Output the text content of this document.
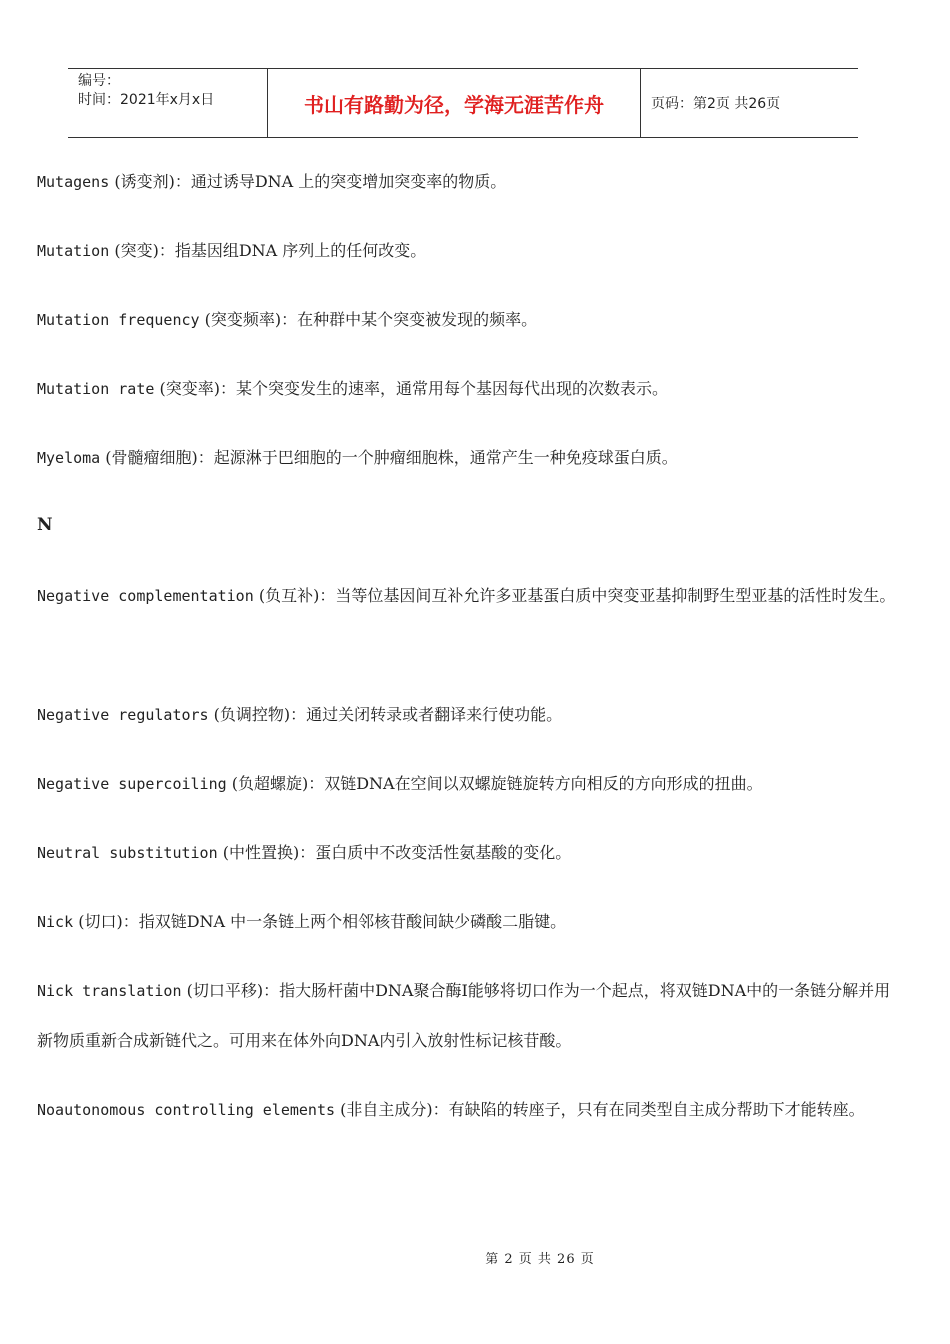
编号：
时间：2021年x月x日	书山有路勤为径，学海无涯苦作舟	页码：第2页 共26页
Mutagens (诱变剂)：通过诱导DNA 上的突变增加突变率的物质。
Mutation (突变)：指基因组DNA 序列上的任何改变。
Mutation frequency (突变频率)：在种群中某个突变被发现的频率。
Mutation rate (突变率)：某个突变发生的速率，通常用每个基因每代出现的次数表示。
Myeloma (骨髓瘤细胞)：起源淋于巴细胞的一个肿瘤细胞株，通常产生一种免疫球蛋白质。
N
Negative complementation (负互补)：当等位基因间互补允许多亚基蛋白质中突变亚基抑制野生型亚基的活性时发生。
Negative regulators (负调控物)：通过关闭转录或者翻译来行使功能。
Negative supercoiling (负超螺旋)：双链DNA在空间以双螺旋链旋转方向相反的方向形成的扭曲。
Neutral substitution (中性置换)：蛋白质中不改变活性氨基酸的变化。
Nick (切口)：指双链DNA 中一条链上两个相邻核苷酸间缺少磷酸二脂键。
Nick translation (切口平移)：指大肠杆菌中DNA聚合酶I能够将切口作为一个起点，将双链DNA中的一条链分解并用新物质重新合成新链代之。可用来在体外向DNA内引入放射性标记核苷酸。
Noautonomous controlling elements (非自主成分)：有缺陷的转座子，只有在同类型自主成分帮助下才能转座。
第 2 页 共 26 页
